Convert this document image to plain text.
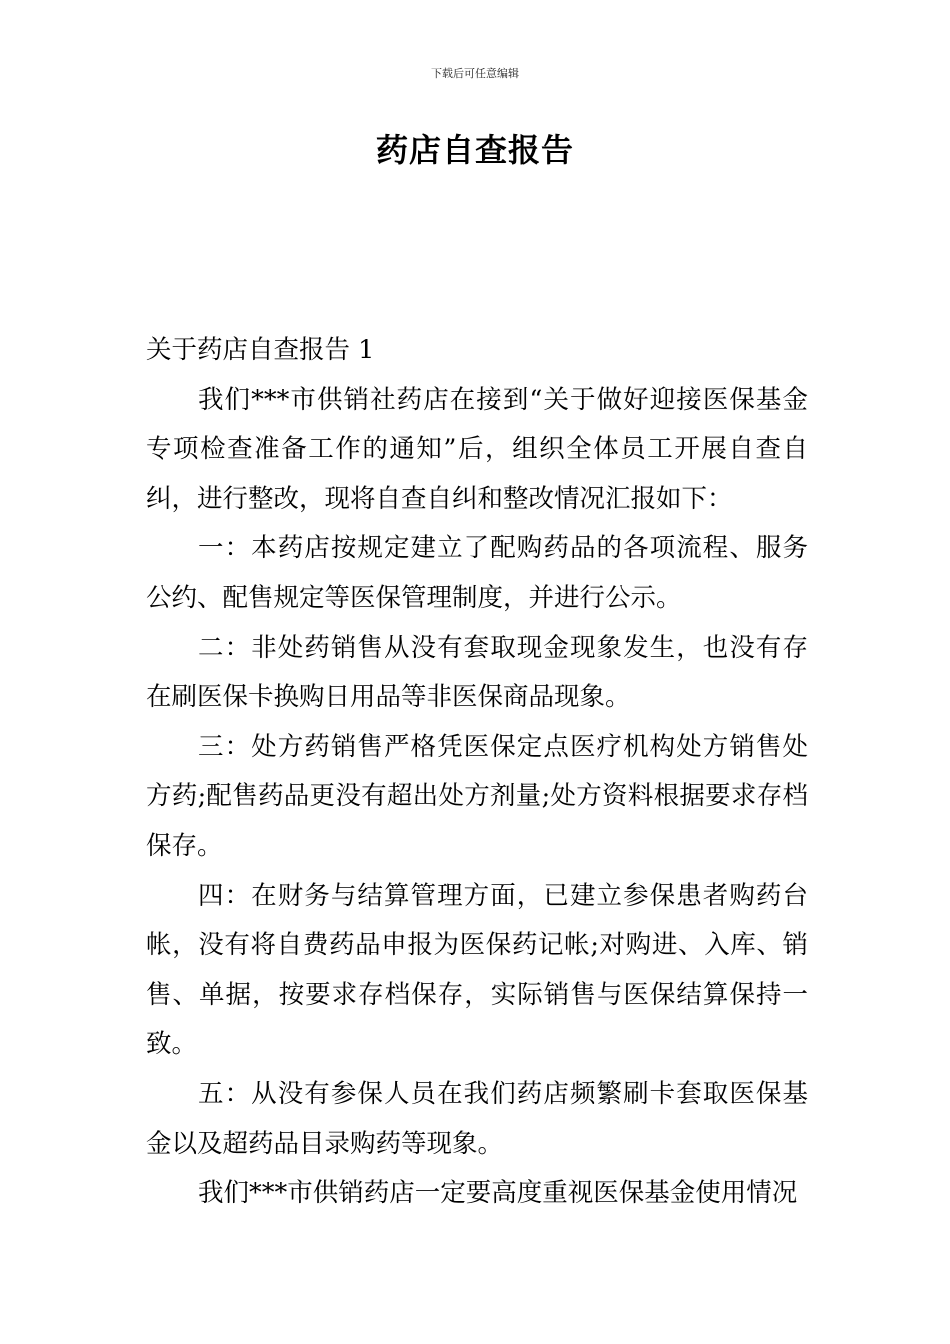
下载后可任意编辑
药店自查报告

关于药店自查报告 1

我们***市供销社药店在接到“关于做好迎接医保基金专项检查准备工作的通知”后，组织全体员工开展自查自纠，进行整改，现将自查自纠和整改情况汇报如下：

一：本药店按规定建立了配购药品的各项流程、服务公约、配售规定等医保管理制度，并进行公示。

二：非处药销售从没有套取现金现象发生，也没有存在刷医保卡换购日用品等非医保商品现象。

三：处方药销售严格凭医保定点医疗机构处方销售处方药;配售药品更没有超出处方剂量;处方资料根据要求存档保存。

四：在财务与结算管理方面，已建立参保患者购药台帐，没有将自费药品申报为医保药记帐;对购进、入库、销售、单据，按要求存档保存，实际销售与医保结算保持一致。

五：从没有参保人员在我们药店频繁刷卡套取医保基金以及超药品目录购药等现象。

我们***市供销药店一定要高度重视医保基金使用情况
